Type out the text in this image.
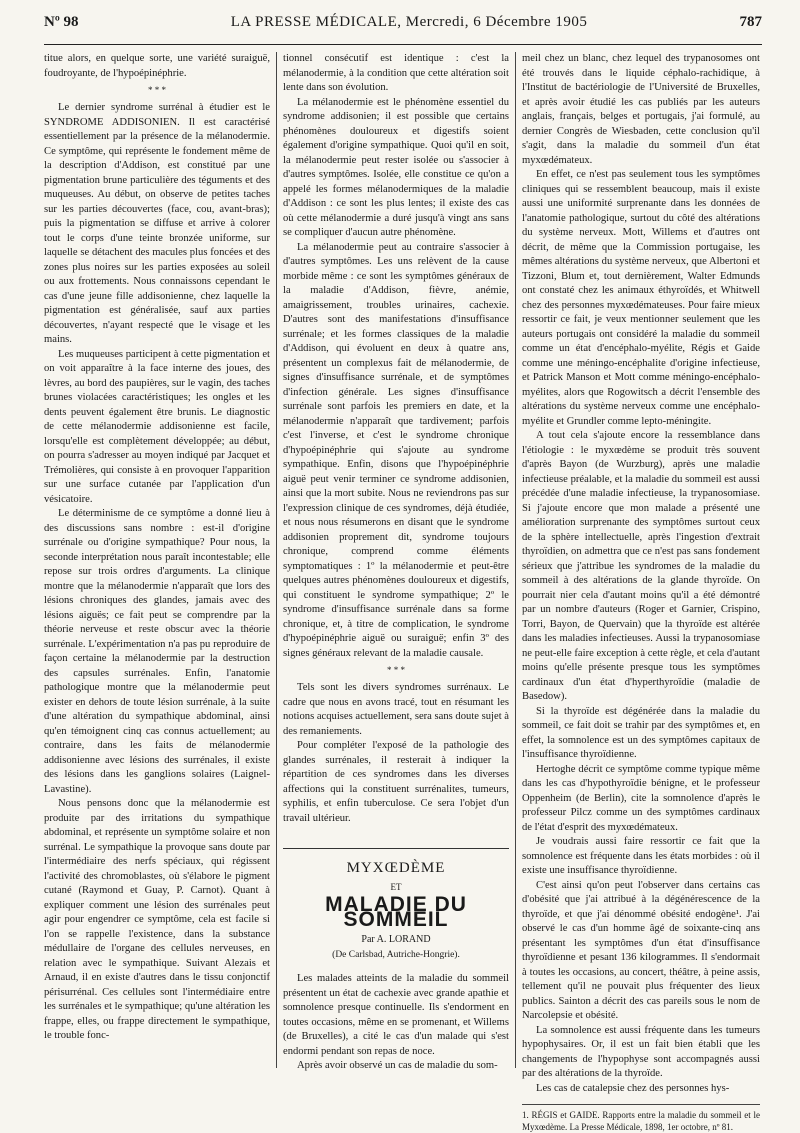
Nº 98	LA PRESSE MÉDICALE, Mercredi, 6 Décembre 1905	787

titue alors, en quelque sorte, une variété suraiguë, foudroyante, de l'hypoépinéphrie.

* * *

Le dernier syndrome surrénal à étudier est le SYNDROME ADDISONIEN. Il est caractérisé essentiellement par la présence de la mélanodermie. Ce symptôme, qui représente le fondement même de la description d'Addison, est constitué par une pigmentation brune particulière des téguments et des muqueuses. Au début, on observe de petites taches sur les parties découvertes (face, cou, avant-bras); puis la pigmentation se diffuse et arrive à colorer tout le corps d'une teinte bronzée uniforme, sur laquelle se détachent des macules plus foncées et des zones plus noires sur les parties exposées au soleil ou aux frottements. Nous connaissons cependant le cas d'une jeune fille addisonienne, chez laquelle la pigmentation est généralisée, sauf aux parties découvertes, n'ayant respecté que le visage et les mains.

Les muqueuses participent à cette pigmentation et on voit apparaître à la face interne des joues, des lèvres, au bord des paupières, sur le vagin, des taches brunes violacées caractéristiques; les ongles et les dents peuvent également être brunis. Le diagnostic de cette mélanodermie addisonienne est facile, lorsqu'elle est complètement développée; au début, on pourra s'adresser au moyen indiqué par Jacquet et Trémolières, qui consiste à en provoquer l'apparition sur une surface cutanée par l'application d'un vésicatoire.

Le déterminisme de ce symptôme a donné lieu à des discussions sans nombre : est-il d'origine surrénale ou d'origine sympathique? Pour nous, la seconde interprétation nous paraît incontestable; elle repose sur trois ordres d'arguments. La clinique montre que la mélanodermie n'apparaît que lors des lésions chroniques des glandes, jamais avec des lésions aiguës; ce fait peut se comprendre par la théorie nerveuse et reste obscur avec la théorie surrénale. L'expérimentation n'a pas pu reproduire de façon certaine la mélanodermie par la destruction des capsules surrénales. Enfin, l'anatomie pathologique montre que la mélanodermie peut exister en dehors de toute lésion surrénale, à la suite d'une altération du sympathique abdominal, ainsi qu'en témoignent cinq cas connus actuellement; au contraire, dans les faits de mélanodermie addisonienne avec lésions des surrénales, il existe des lésions dans les ganglions solaires (Laignel-Lavastine).

Nous pensons donc que la mélanodermie est produite par des irritations du sympathique abdominal, et représente un symptôme solaire et non surrénal. Le sympathique la provoque sans doute par l'intermédiaire des nerfs spéciaux, qui régissent l'activité des chromoblastes, où s'élabore le pigment cutané (Raymond et Guay, P. Carnot). Quant à expliquer comment une lésion des surrénales peut agir pour engendrer ce symptôme, cela est facile si l'on se rappelle l'existence, dans la substance médullaire de l'organe des cellules nerveuses, en relation avec le sympathique. Suivant Alezais et Arnaud, il en existe d'autres dans le tissu conjonctif périsurrénal. Ces cellules sont l'intermédiaire entre les surrénales et le sympathique; qu'une altération les frappe, elles, ou frappe directement le sympathique, le trouble fonc-

tionnel consécutif est identique : c'est la mélanodermie, à la condition que cette altération soit lente dans son évolution.

La mélanodermie est le phénomène essentiel du syndrome addisonien; il est possible que certains phénomènes douloureux et digestifs soient également d'origine sympathique. Quoi qu'il en soit, la mélanodermie peut rester isolée ou s'associer à d'autres symptômes. Isolée, elle constitue ce qu'on a appelé les formes mélanodermiques de la maladie d'Addison : ce sont les plus lentes; il existe des cas où cette mélanodermie a duré jusqu'à vingt ans sans se compliquer d'aucun autre phénomène.

La mélanodermie peut au contraire s'associer à d'autres symptômes. Les uns relèvent de la cause morbide même : ce sont les symptômes généraux de la maladie d'Addison, fièvre, anémie, amaigrissement, troubles urinaires, cachexie. D'autres sont des manifestations d'insuffisance surrénale; et les formes classiques de la maladie d'Addison, qui évoluent en deux à quatre ans, présentent un complexus fait de mélanodermie, de signes d'insuffisance surrénale, et de symptômes d'infection générale. Les signes d'insuffisance surrénale sont parfois les premiers en date, et la mélanodermie n'apparaît que tardivement; parfois c'est l'inverse, et c'est le syndrome chronique d'hypoépinéphrie qui s'ajoute au syndrome sympathique. Enfin, disons que l'hypoépinéphrie aiguë peut venir terminer ce syndrome addisonien, ainsi que la mort subite. Nous ne reviendrons pas sur l'expression clinique de ces syndromes, déjà étudiée, et nous nous résumerons en disant que le syndrome addisonien proprement dit, syndrome toujours chronique, comprend comme éléments symptomatiques : 1º la mélanodermie et peut-être quelques autres phénomènes douloureux et digestifs, qui constituent le syndrome sympathique; 2º le syndrome d'insuffisance surrénale dans sa forme chronique, et, à titre de complication, le syndrome d'hypoépinéphrie aiguë ou suraiguë; enfin 3º des signes généraux relevant de la maladie causale.

* * *

Tels sont les divers syndromes surrénaux. Le cadre que nous en avons tracé, tout en résumant les notions acquises actuellement, sera sans doute sujet à des remaniements.

Pour compléter l'exposé de la pathologie des glandes surrénales, il resterait à indiquer la répartition de ces syndromes dans les diverses affections qui la constituent surrénalites, tumeurs, syphilis, et enfin tuberculose. Ce sera l'objet d'un travail ultérieur.

MYXŒDÈME
ET
MALADIE DU SOMMEIL
Par A. LORAND
(De Carlsbad, Autriche-Hongrie).

Les malades atteints de la maladie du sommeil présentent un état de cachexie avec grande apathie et somnolence presque continuelle. Ils s'endorment en toutes occasions, même en se promenant, et Willems (de Bruxelles), a cité le cas d'un malade qui s'est endormi pendant son repas de noce.

Après avoir observé un cas de maladie du som-

meil chez un blanc, chez lequel des trypanosomes ont été trouvés dans le liquide céphalo-rachidique, à l'Institut de bactériologie de l'Université de Bruxelles, et après avoir étudié les cas publiés par les auteurs anglais, français, belges et portugais, j'ai formulé, au dernier Congrès de Wiesbaden, cette conclusion qu'il s'agit, dans la maladie du sommeil d'un état myxœdémateux.

En effet, ce n'est pas seulement tous les symptômes cliniques qui se ressemblent beaucoup, mais il existe aussi une uniformité surprenante dans les données de l'anatomie pathologique, surtout du côté des altérations du système nerveux. Mott, Willems et d'autres ont décrit, de même que la Commission portugaise, les mêmes altérations du système nerveux, que Albertoni et Tizzoni, Blum et, tout dernièrement, Walter Edmunds ont constaté chez les animaux éthyroïdés, et Whitwell chez des personnes myxœdémateuses. Pour faire mieux ressortir ce fait, je veux mentionner seulement que les auteurs portugais ont considéré la maladie du sommeil comme un état d'encéphalo-myélite, Régis et Gaide comme une méningo-encéphalite d'origine infectieuse, et Patrick Manson et Mott comme méningo-encéphalo-myélites, alors que Rogowitsch a décrit l'ensemble des altérations du système nerveux comme une encéphalo-myélite et Grundler comme lepto-méningite.

A tout cela s'ajoute encore la ressemblance dans l'étiologie : le myxœdème se produit très souvent d'après Bayon (de Wurzburg), après une maladie infectieuse préalable, et la maladie du sommeil est aussi précédée d'une maladie infectieuse, la trypanosomiase. Si j'ajoute encore que mon malade a présenté une amélioration surprenante des symptômes surtout ceux de la sphère intellectuelle, après l'ingestion d'extrait thyroïdien, on admettra que ce n'est pas sans fondement sérieux que j'attribue les syndromes de la maladie du sommeil à des altérations de la glande thyroïde. On pourrait nier cela d'autant moins qu'il a été démontré par un nombre d'auteurs (Roger et Garnier, Crispino, Torri, Bayon, de Quervain) que la thyroïde est altérée dans les maladies infectieuses. Aussi la trypanosomiase ne peut-elle faire exception à cette règle, et cela d'autant moins qu'elle présente presque tous les symptômes cardinaux d'un état d'hyperthyroïdie (maladie de Basedow).

Si la thyroïde est dégénérée dans la maladie du sommeil, ce fait doit se trahir par des symptômes et, en effet, la somnolence est un des symptômes capitaux de l'insuffisance thyroïdienne.

Hertoghe décrit ce symptôme comme typique même dans les cas d'hypothyroïdie bénigne, et le professeur Oppenheim (de Berlin), cite la somnolence d'après le professeur Pilcz comme un des symptômes cardinaux de l'état d'esprit des myxœdémateux.

Je voudrais aussi faire ressortir ce fait que la somnolence est fréquente dans les états morbides : où il existe une insuffisance thyroïdienne.

C'est ainsi qu'on peut l'observer dans certains cas d'obésité que j'ai attribué à la dégénérescence de la thyroïde, et que j'ai dénommé obésité endogène¹. J'ai observé le cas d'un homme âgé de soixante-cinq ans présentant les symptômes d'un état d'insuffisance thyroïdienne et pesant 136 kilogrammes. Il s'endormait à toutes les occasions, au concert, théâtre, à peine assis, tellement qu'il ne pouvait plus fréquenter des lieux publics. Sainton a décrit des cas pareils sous le nom de Narcolepsie et obésité.

La somnolence est aussi fréquente dans les tumeurs hypophysaires. Or, il est un fait bien établi que les changements de l'hypophyse sont accompagnés aussi par des altérations de la thyroïde.

Les cas de catalepsie chez des personnes hys-

1. RÉGIS et GAIDE. Rapports entre la maladie du sommeil et le Myxœdème. La Presse Médicale, 1898, 1er octobre, nº 81.
